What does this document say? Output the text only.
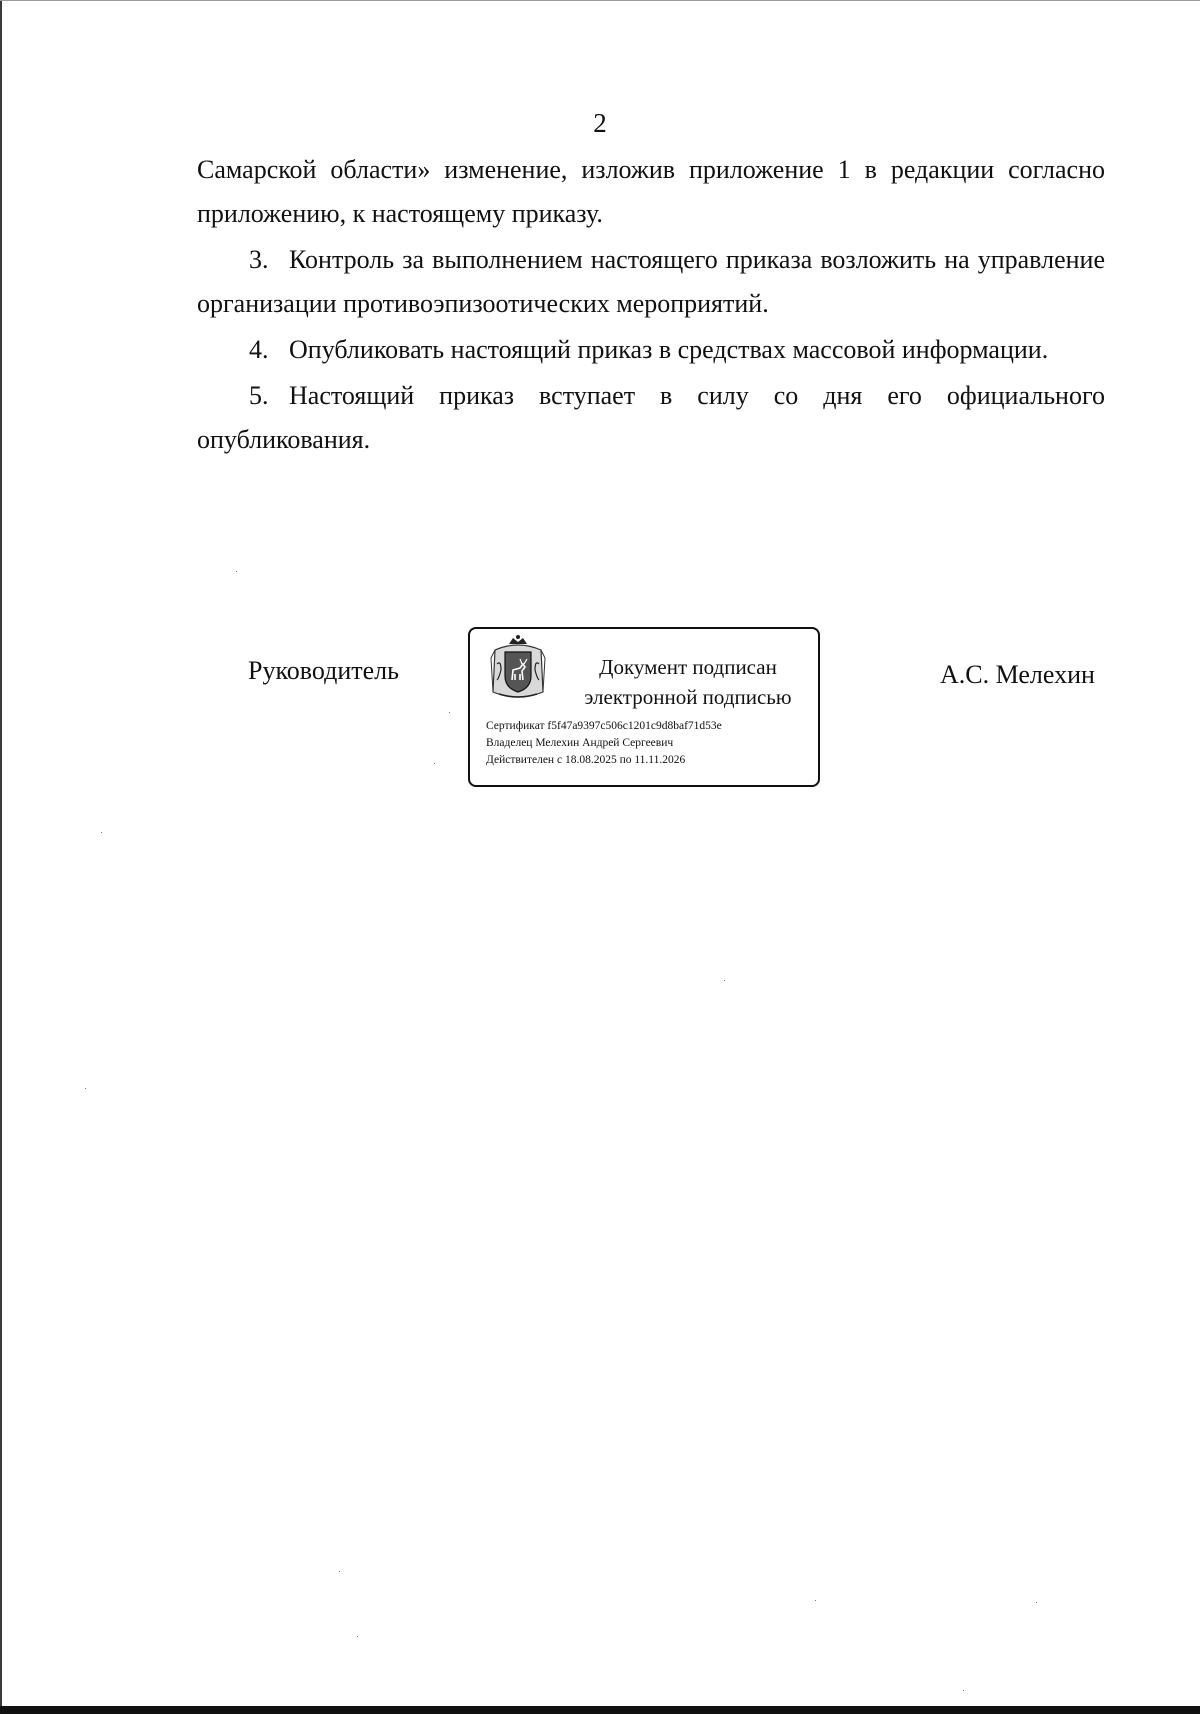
2

Самарской области» изменение, изложив приложение 1 в редакции согласно приложению, к настоящему приказу.

3. Контроль за выполнением настоящего приказа возложить на управление организации противоэпизоотических мероприятий.

4. Опубликовать настоящий приказ в средствах массовой информации.

5. Настоящий приказ вступает в силу со дня его официального опубликования.

Руководитель	Документ подписан
электронной подписью
Сертификат f5f47a9397c506c1201c9d8baf71d53e
Владелец Мелехин Андрей Сергеевич
Действителен с 18.08.2025 по 11.11.2026
А.С. Мелехин
